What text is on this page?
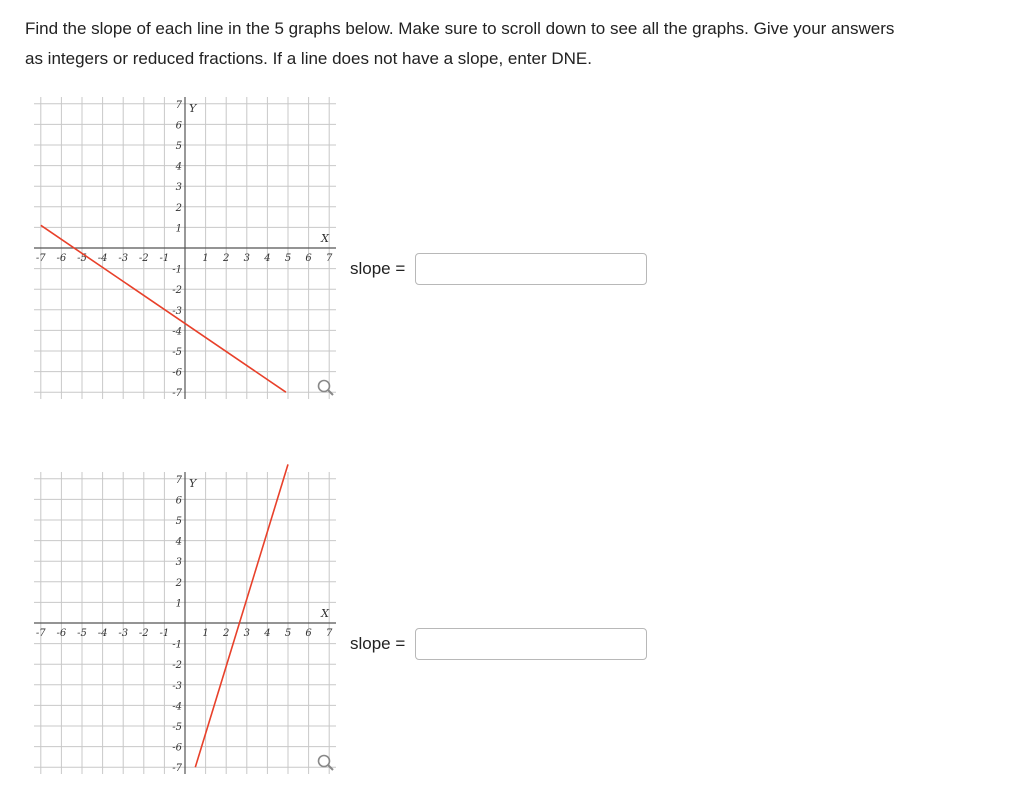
Find the slope of each line in the 5 graphs below. Make sure to scroll down to see all the graphs. Give your answers as integers or reduced fractions. If a line does not have a slope, enter DNE.

-7 -6 -5 -4 -3 -2 -1	1 2 3 4 5 6 7
7
6
5
4
3
2
1
-1
-2
-3
-4
-5
-6
-7
X
Y
slope =
-7 -6 -5 -4 -3 -2 -1	1 2 3 4 5 6 7
7
6
5
4
3
2
1
-1
-2
-3
-4
-5
-6
-7
X
Y
slope =
